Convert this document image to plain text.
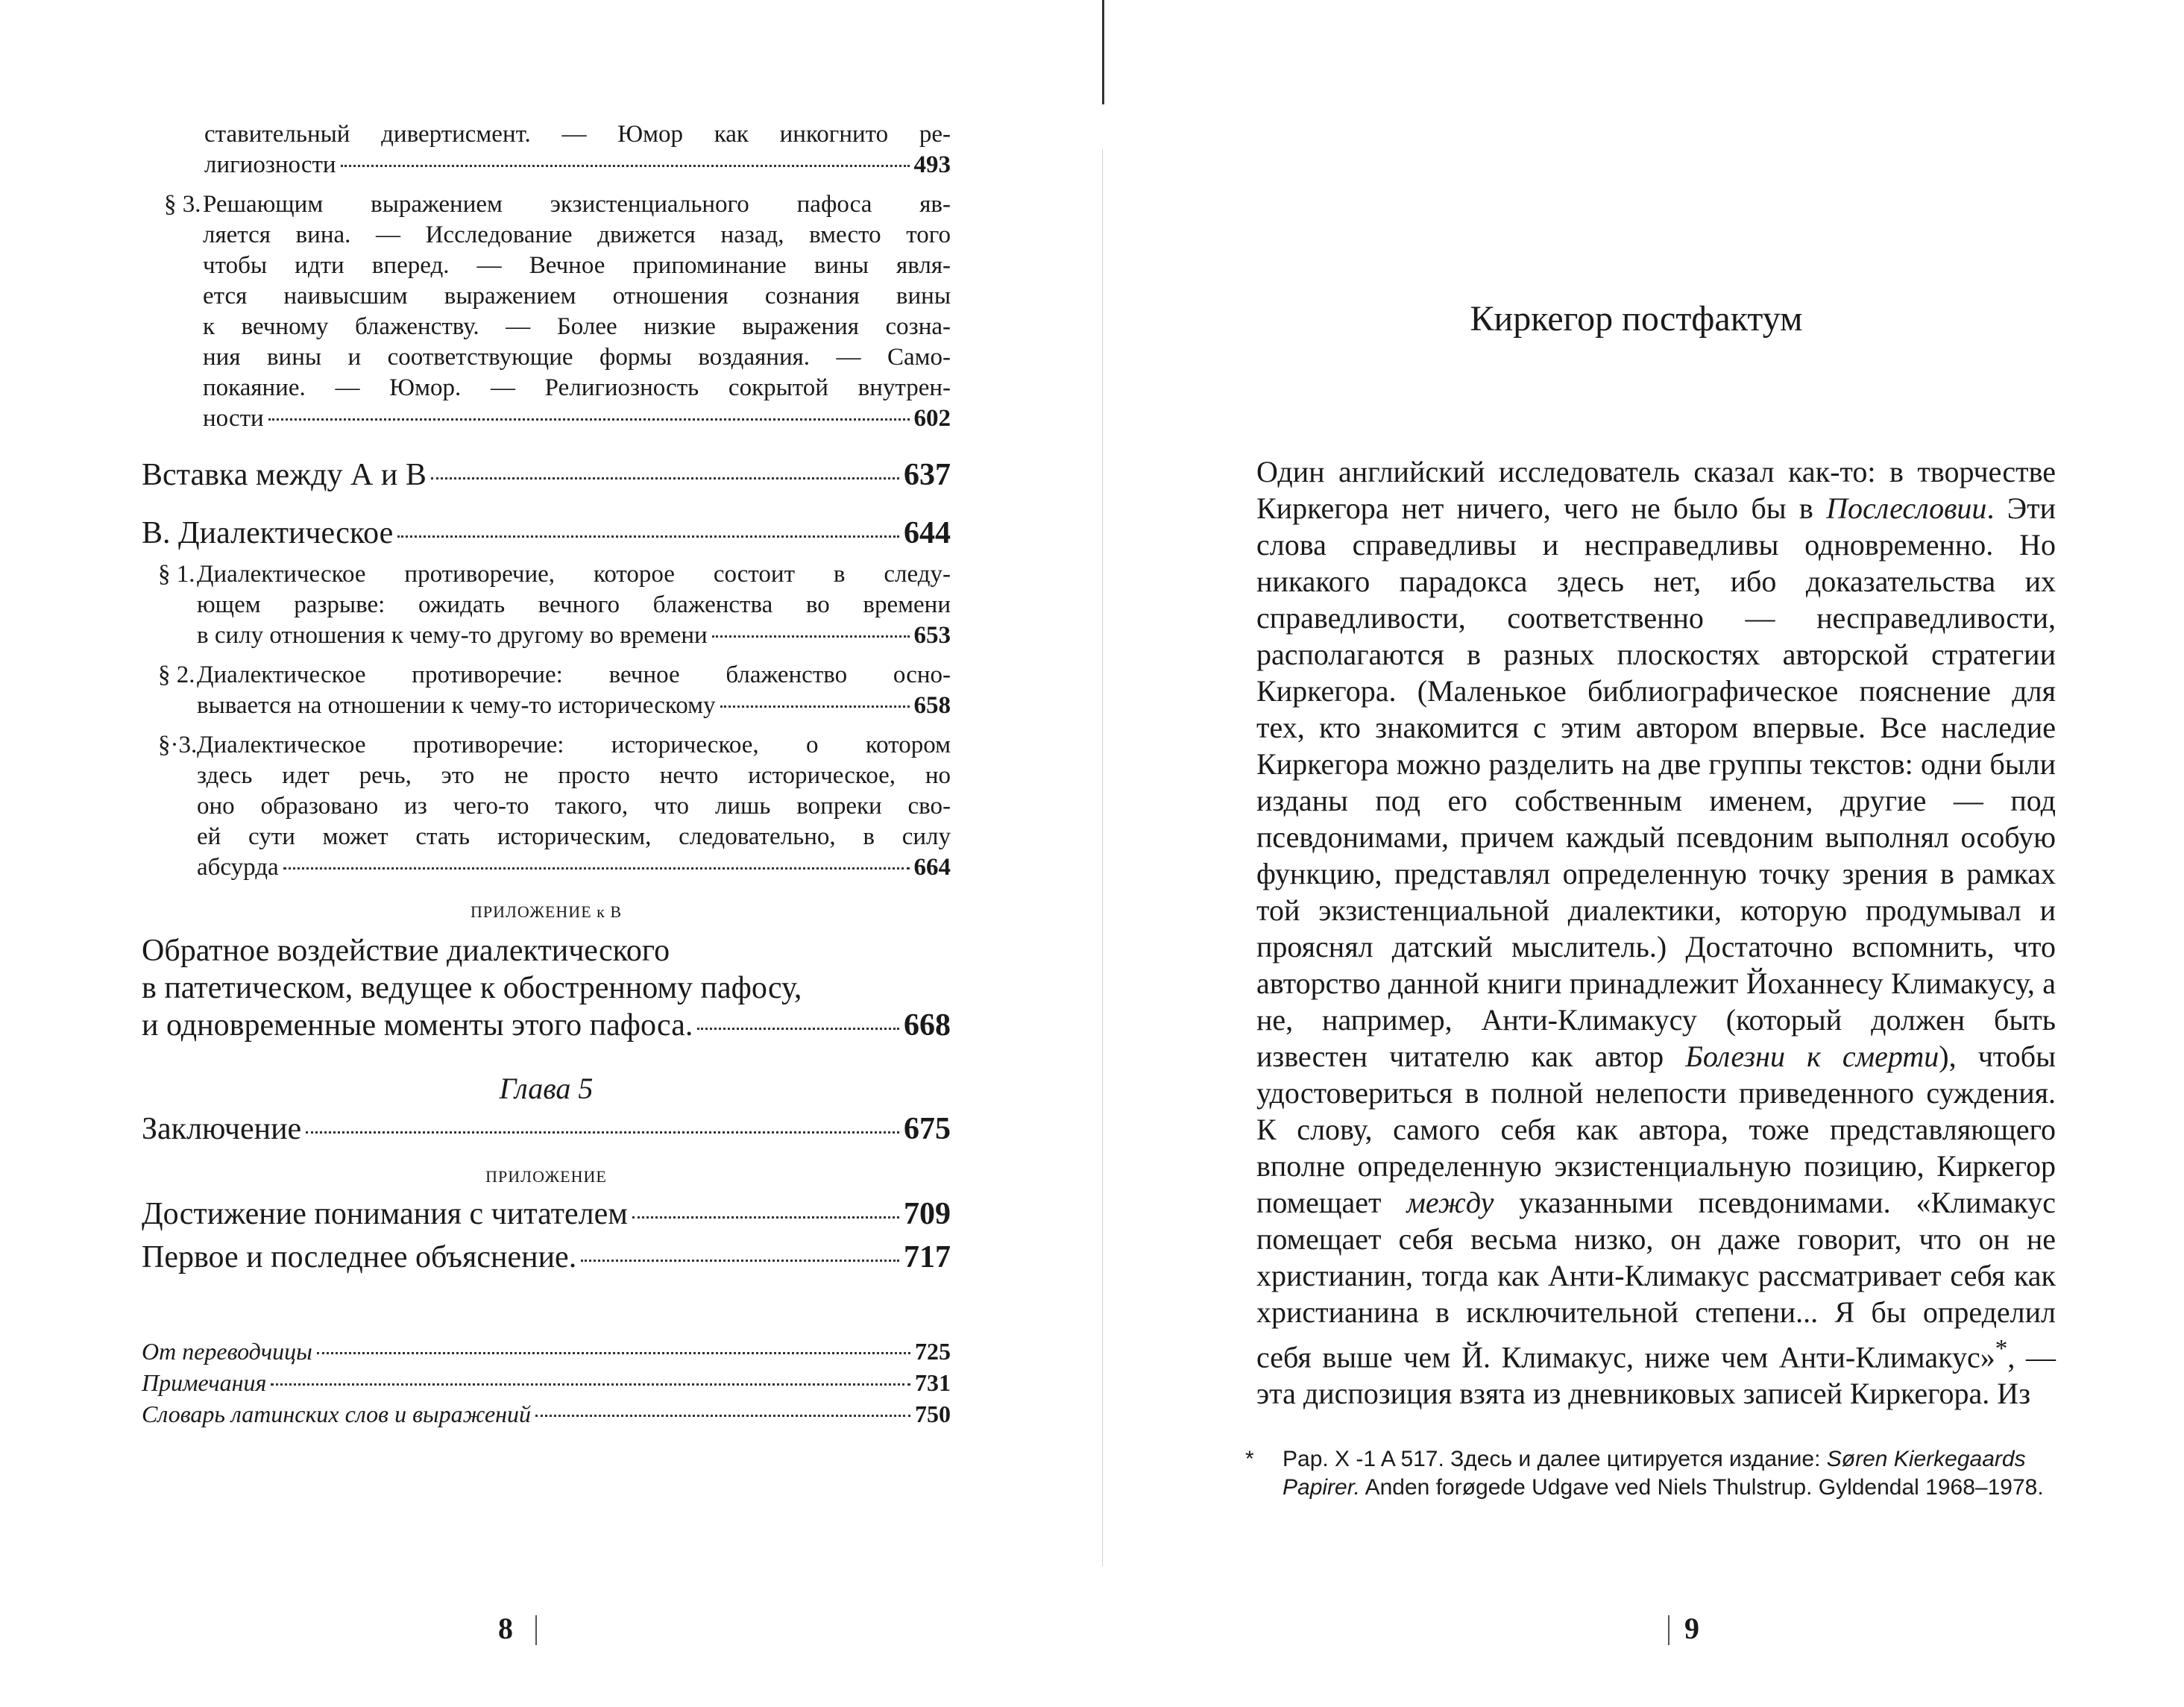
ставительный дивертисмент. — Юмор как инкогнито ре-
лигиозности	493
§ 3. Решающим выражением экзистенциального пафоса яв-
ляется вина. — Исследование движется назад, вместо того
чтобы идти вперед. — Вечное припоминание вины явля-
ется наивысшим выражением отношения сознания вины
к вечному блаженству. — Более низкие выражения созна-
ния вины и соответствующие формы воздаяния. — Само-
покаяние. — Юмор. — Религиозность сокрытой внутрен-
ности	602
Вставка между А и В	637
В. Диалектическое	644
§ 1. Диалектическое противоречие, которое состоит в следу-
ющем разрыве: ожидать вечного блаженства во времени
в силу отношения к чему-то другому во времени	653
§ 2. Диалектическое противоречие: вечное блаженство осно-
вывается на отношении к чему-то историческому	658
§·3. Диалектическое противоречие: историческое, о котором
здесь идет речь, это не просто нечто историческое, но
оно образовано из чего-то такого, что лишь вопреки сво-
ей сути может стать историческим, следовательно, в силу
абсурда	664
ПРИЛОЖЕНИЕ к В
Обратное воздействие диалектического
в патетическом, ведущее к обостренному пафосу,
и одновременные моменты этого пафоса.	668
Глава 5
Заключение	675
ПРИЛОЖЕНИЕ
Достижение понимания с читателем	709
Первое и последнее объяснение.	717
От переводчицы	725
Примечания	731
Словарь латинских слов и выражений	750
8
Киркегор постфактум
Один английский исследователь сказал как-то: в творчестве Киркегора нет ничего, чего не было бы в Послесловии. Эти слова справедливы и несправедливы одновременно. Но никакого парадокса здесь нет, ибо доказательства их справедливости, соответственно — несправедливости, располагаются в разных плоскостях авторской стратегии Киркегора. (Маленькое библиографическое пояснение для тех, кто знакомится с этим автором впервые. Все наследие Киркегора можно разделить на две группы текстов: одни были изданы под его собственным именем, другие — под псевдонимами, причем каждый псевдоним выполнял особую функцию, представлял определенную точку зрения в рамках той экзистенциальной диалектики, которую продумывал и прояснял датский мыслитель.) Достаточно вспомнить, что авторство данной книги принадлежит Йоханнесу Климакусу, а не, например, Анти-Климакусу (который должен быть известен читателю как автор Болезни к смерти), чтобы удостовериться в полной нелепости приведенного суждения. К слову, самого себя как автора, тоже представляющего вполне определенную экзистенциальную позицию, Киркегор помещает между указанными псевдонимами. «Климакус помещает себя весьма низко, он даже говорит, что он не христианин, тогда как Анти-Климакус рассматривает себя как христианина в исключительной степени... Я бы определил себя выше чем Й. Климакус, ниже чем Анти-Климакус»*, — эта диспозиция взята из дневниковых записей Киркегора. Из
*	Pap. X -1 A 517. Здесь и далее цитируется издание: Søren Kierkegaards Papirer. Anden forøgede Udgave ved Niels Thulstrup. Gyldendal 1968–1978.
9
